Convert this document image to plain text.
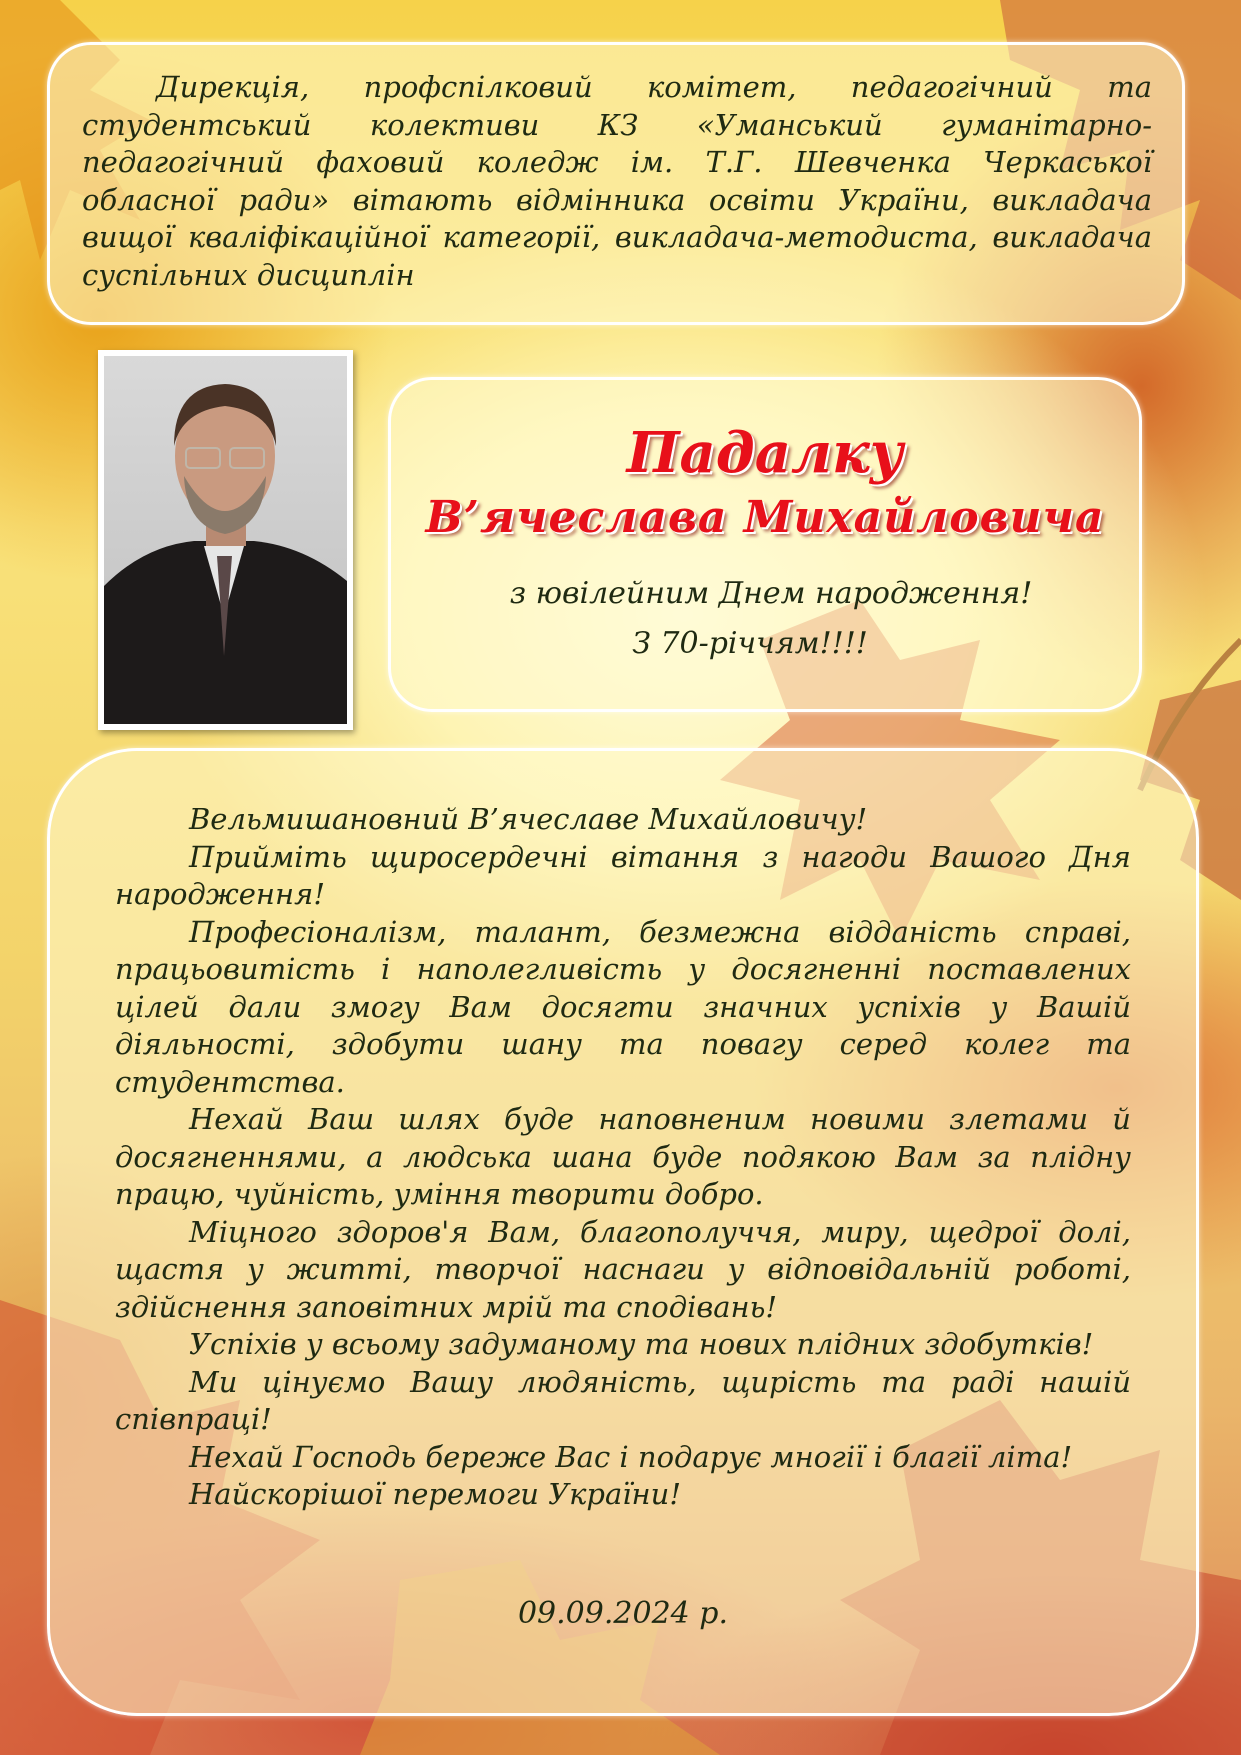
Дирекція, профспілковий комітет, педагогічний та студентський колективи КЗ «Уманський гуманітарно-педагогічний фаховий коледж ім. Т.Г. Шевченка Черкаської обласної ради» вітають відмінника освіти України, викладача вищої кваліфікаційної категорії, викладача-методиста, викладача суспільних дисциплін

Падалку

В’ячеслава Михайловича

з ювілейним Днем народження!

З 70-річчям!!!!

Вельмишановний В’ячеславе Михайловичу!

Прийміть щиросердечні вітання з нагоди Вашого Дня народження!

Професіоналізм, талант, безмежна відданість справі, працьовитість і наполегливість у досягненні поставлених цілей дали змогу Вам досягти значних успіхів у Вашій діяльності, здобути шану та повагу серед колег та студентства.

Нехай Ваш шлях буде наповненим новими злетами й досягненнями, а людська шана буде подякою Вам за плідну працю, чуйність, уміння творити добро.

Міцного здоров'я Вам, благополуччя, миру, щедрої долі, щастя у житті, творчої наснаги у відповідальній роботі, здійснення заповітних мрій та сподівань!

Успіхів у всьому задуманому та нових плідних здобутків!

Ми цінуємо Вашу людяність, щирість та раді нашій співпраці!

Нехай Господь береже Вас і подарує многії і благії літа!

Найскорішої перемоги України!

09.09.2024 р.
